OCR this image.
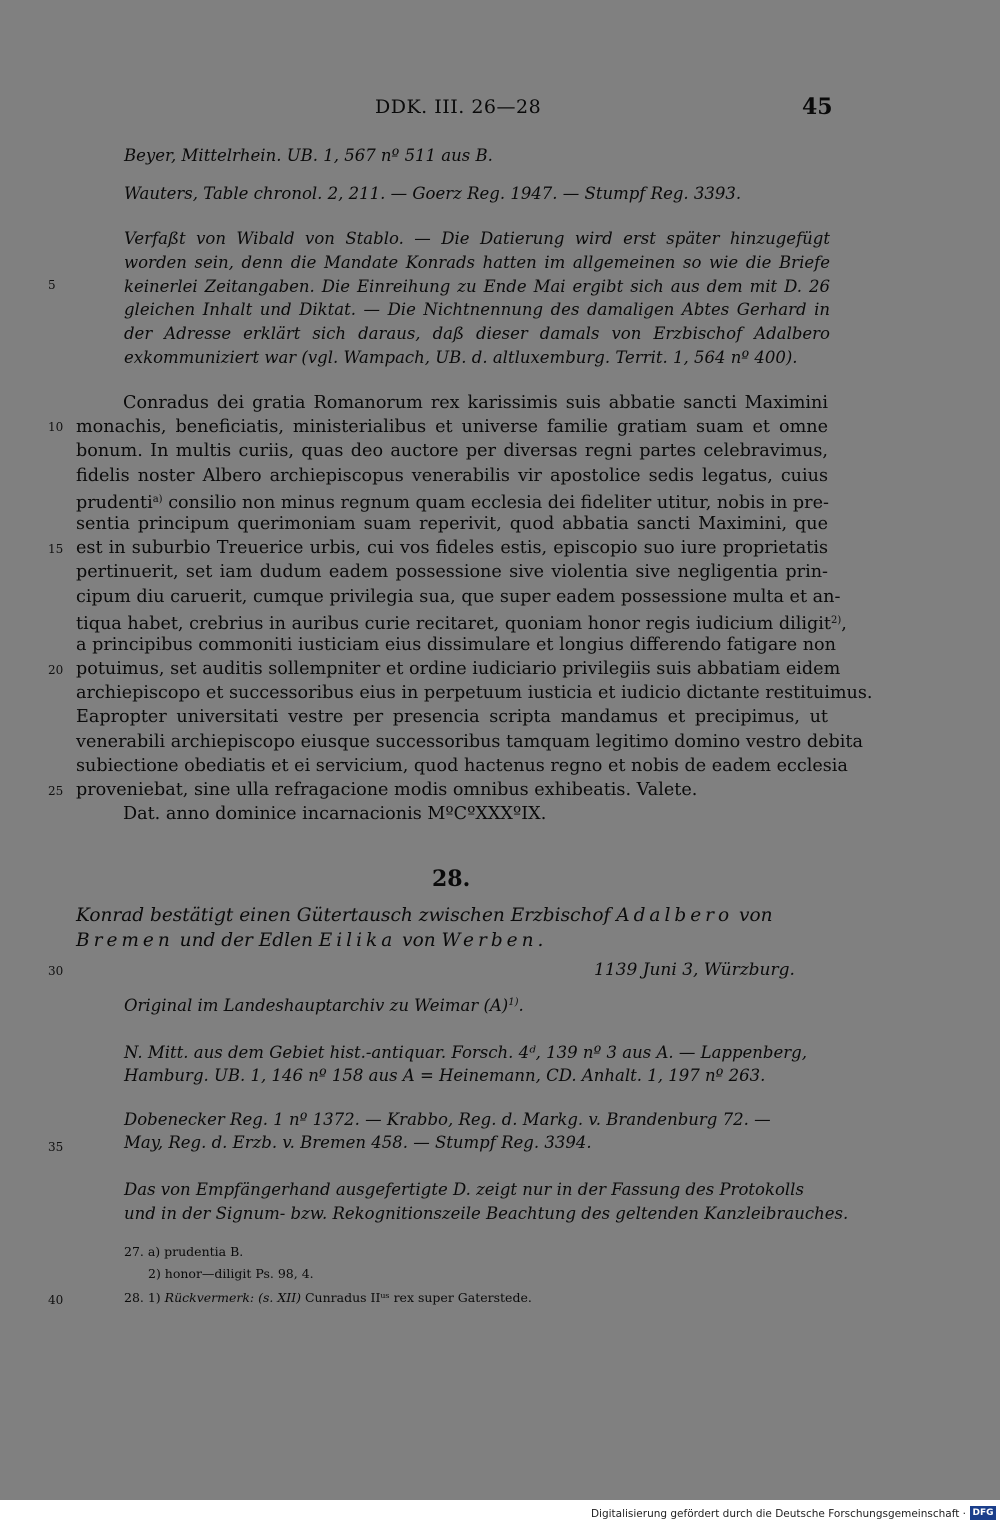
DDK. III. 26—28	45
Beyer, Mittelrhein. UB. 1, 567 nº 511 aus B.
Wauters, Table chronol. 2, 211. — Goerz Reg. 1947. — Stumpf Reg. 3393.
Verfaßt von Wibald von Stablo. — Die Datierung wird erst später hinzugefügt worden sein, denn die Mandate Konrads hatten im allgemeinen so wie die Briefe keinerlei Zeitangaben. Die Einreihung zu Ende Mai ergibt sich aus dem mit D. 26 gleichen Inhalt und Diktat. — Die Nichtnennung des damaligen Abtes Gerhard in der Adresse erklärt sich daraus, daß dieser damals von Erzbischof Adalbero exkommuniziert war (vgl. Wampach, UB. d. altluxemburg. Territ. 1, 564 nº 400).
5
10
15
20
25
30
35
40
Conradus dei gratia Romanorum rex karissimis suis abbatie sancti Maximini
monachis, beneficiatis, ministerialibus et universe familie gratiam suam et omne
bonum. In multis curiis, quas deo auctore per diversas regni partes celebravimus,
fidelis noster Albero archiepiscopus venerabilis vir apostolice sedis legatus, cuius
prudenti$^{a)}$ consilio non minus regnum quam ecclesia dei fideliter utitur, nobis in pre-
sentia principum querimoniam suam reperivit, quod abbatia sancti Maximini, que
est in suburbio Treuerice urbis, cui vos fideles estis, episcopio suo iure proprietatis
pertinuerit, set iam dudum eadem possessione sive violentia sive negligentia prin-
cipum diu caruerit, cumque privilegia sua, que super eadem possessione multa et an-
tiqua habet, crebrius in auribus curie recitaret, quoniam honor regis iudicium diligit$^{2)}$,
a principibus commoniti iusticiam eius dissimulare et longius differendo fatigare non
potuimus, set auditis sollempniter et ordine iudiciario privilegiis suis abbatiam eidem
archiepiscopo et successoribus eius in perpetuum iusticia et iudicio dictante restituimus.
Eapropter universitati vestre per presencia scripta mandamus et precipimus, ut
venerabili archiepiscopo eiusque successoribus tamquam legitimo domino vestro debita
subiectione obediatis et ei servicium, quod hactenus regno et nobis de eadem ecclesia
proveniebat, sine ulla refragacione modis omnibus exhibeatis. Valete.
Dat. anno dominice incarnacionis MºCºXXXºIX.
28.
Konrad bestätigt einen Gütertausch zwischen Erzbischof Adalbero von Bremen und der Edlen Eilika von Werben.
1139 Juni 3, Würzburg.
Original im Landeshauptarchiv zu Weimar $(A)^{1)}$.
N. Mitt. aus dem Gebiet hist.-antiquar. Forsch. 4ᵈ, 139 nº 3 aus A. — Lappenberg,
Hamburg. UB. 1, 146 nº 158 aus A = Heinemann, CD. Anhalt. 1, 197 nº 263.
Dobenecker Reg. 1 nº 1372. — Krabbo, Reg. d. Markg. v. Brandenburg 72. —
May, Reg. d. Erzb. v. Bremen 458. — Stumpf Reg. 3394.
Das von Empfängerhand ausgefertigte D. zeigt nur in der Fassung des Protokolls
und in der Signum- bzw. Rekognitionszeile Beachtung des geltenden Kanzleibrauches.
27. a) prudentia B.
2) honor—diligit Ps. 98, 4.
28. 1) Rückvermerk: (s. XII) Cunradus IIᵘˢ rex super Gaterstede.
Digitalisierung gefördert durch die Deutsche Forschungsgemeinschaft · DFG
